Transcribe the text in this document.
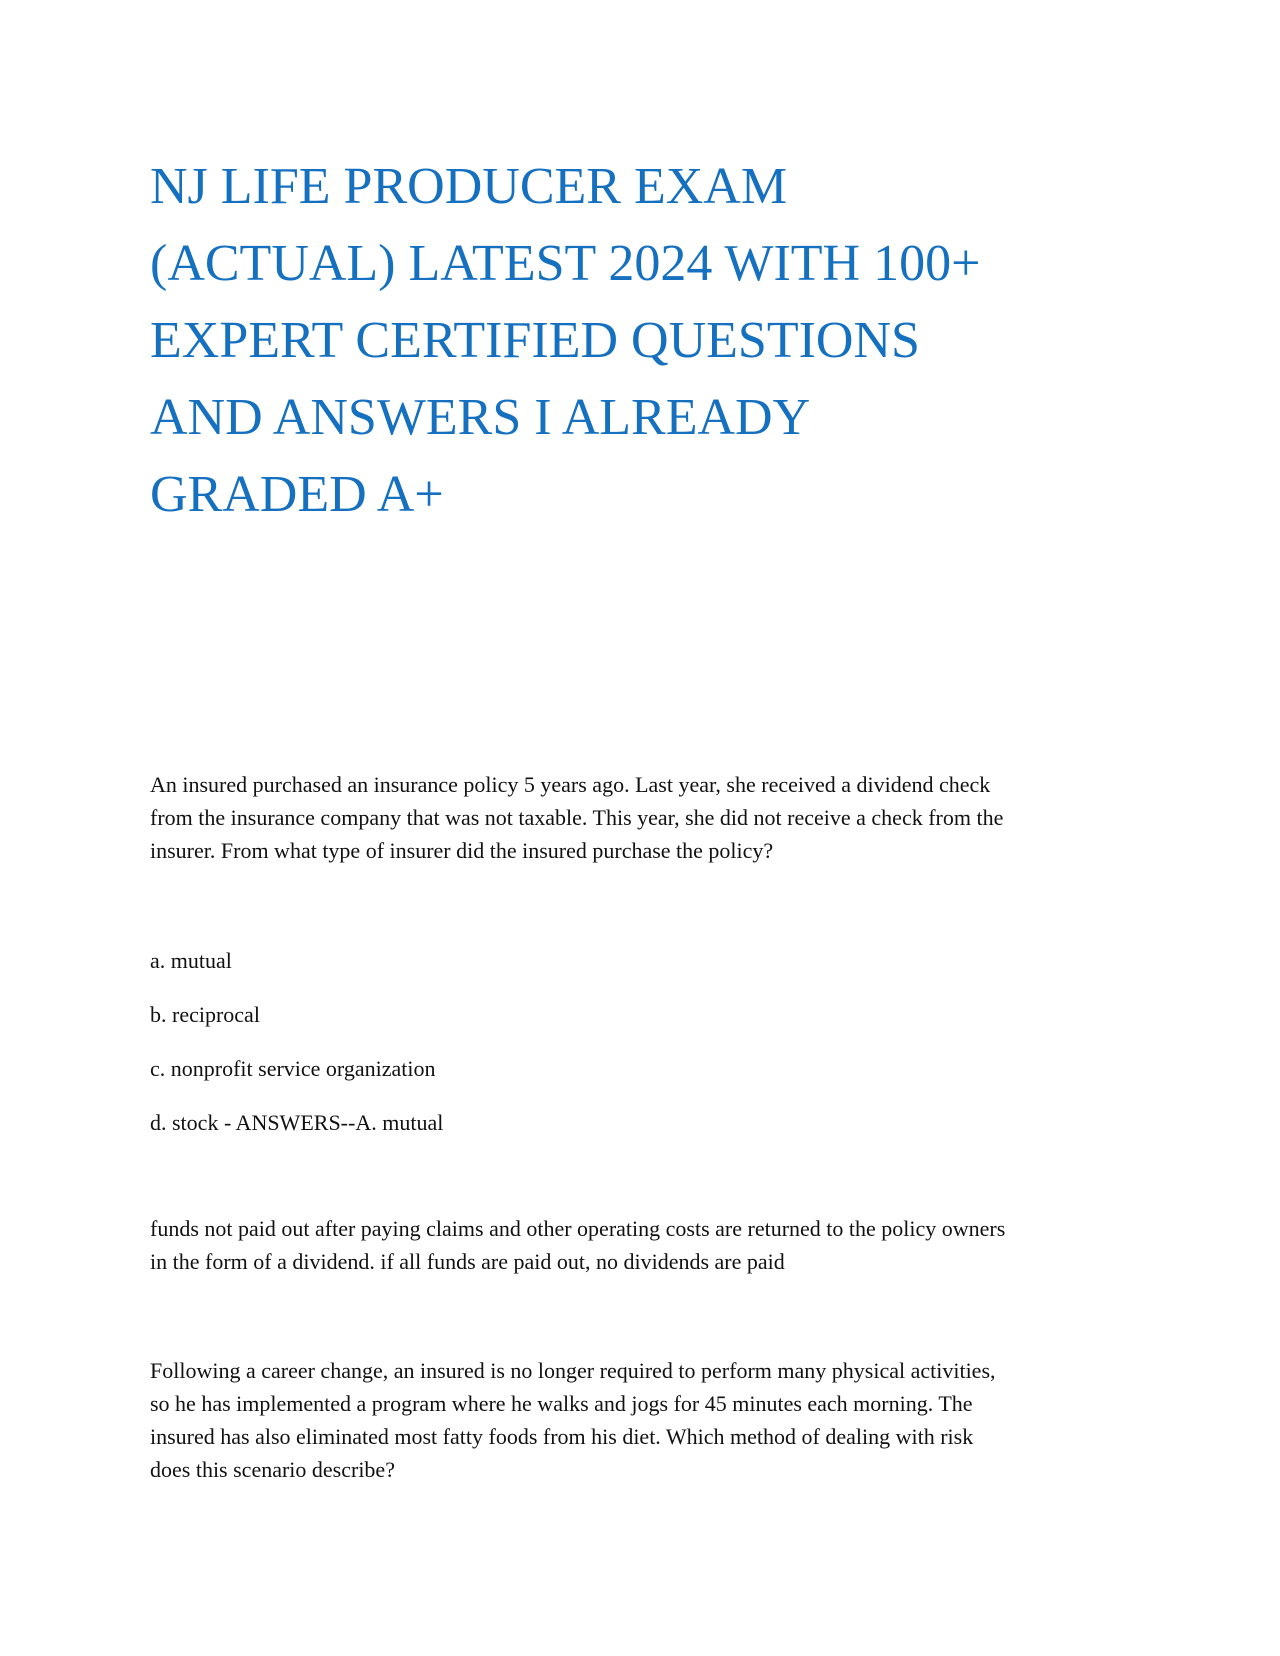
NJ LIFE PRODUCER EXAM
(ACTUAL) LATEST 2024 WITH 100+
EXPERT CERTIFIED QUESTIONS
AND ANSWERS I ALREADY
GRADED A+

An insured purchased an insurance policy 5 years ago. Last year, she received a dividend check

from the insurance company that was not taxable. This year, she did not receive a check from the

insurer. From what type of insurer did the insured purchase the policy?

a. mutual

b. reciprocal

c. nonprofit service organization

d. stock - ANSWERS--A. mutual

funds not paid out after paying claims and other operating costs are returned to the policy owners

in the form of a dividend. if all funds are paid out, no dividends are paid

Following a career change, an insured is no longer required to perform many physical activities,

so he has implemented a program where he walks and jogs for 45 minutes each morning. The

insured has also eliminated most fatty foods from his diet. Which method of dealing with risk

does this scenario describe?
